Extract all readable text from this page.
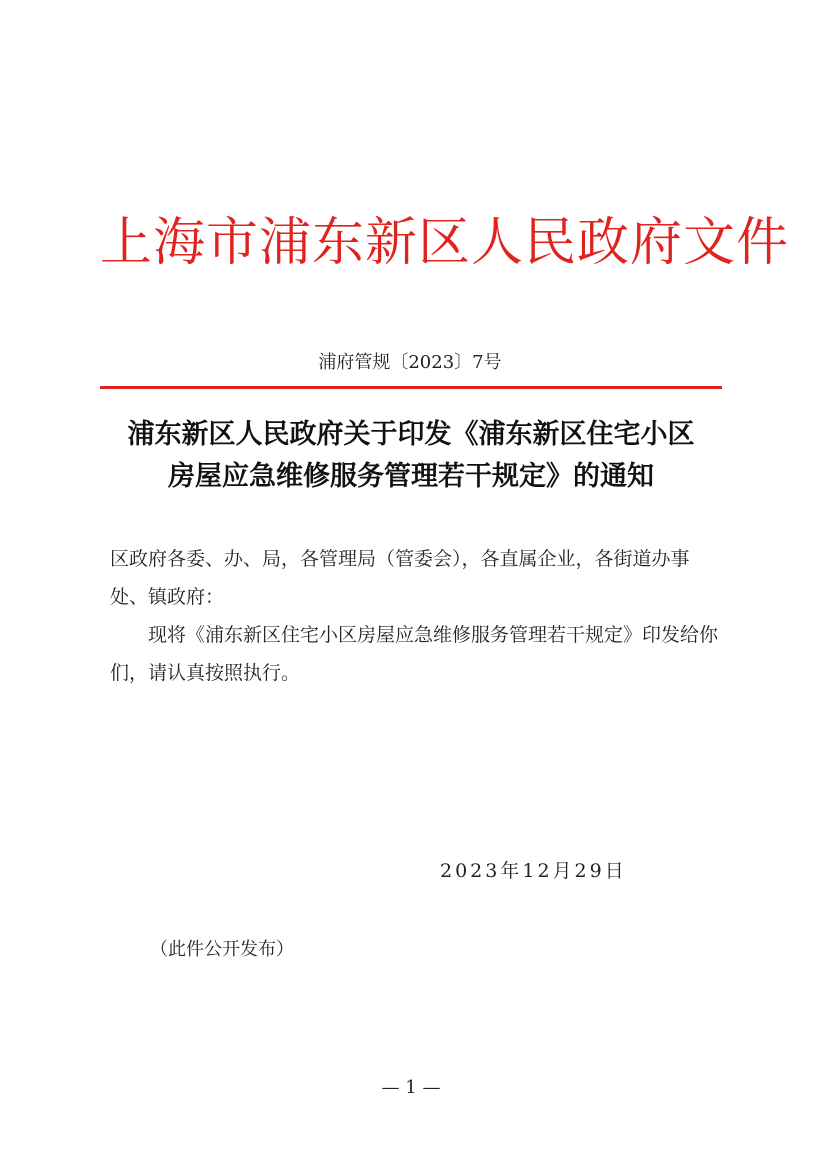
上海市浦东新区人民政府文件
浦府管规〔2023〕7号
浦东新区人民政府关于印发《浦东新区住宅小区
房屋应急维修服务管理若干规定》的通知
区政府各委、办、局，各管理局（管委会），各直属企业，各街道办事处、镇政府：
现将《浦东新区住宅小区房屋应急维修服务管理若干规定》印发给你们，请认真按照执行。
2023年12月29日
（此件公开发布）
— 1 —
